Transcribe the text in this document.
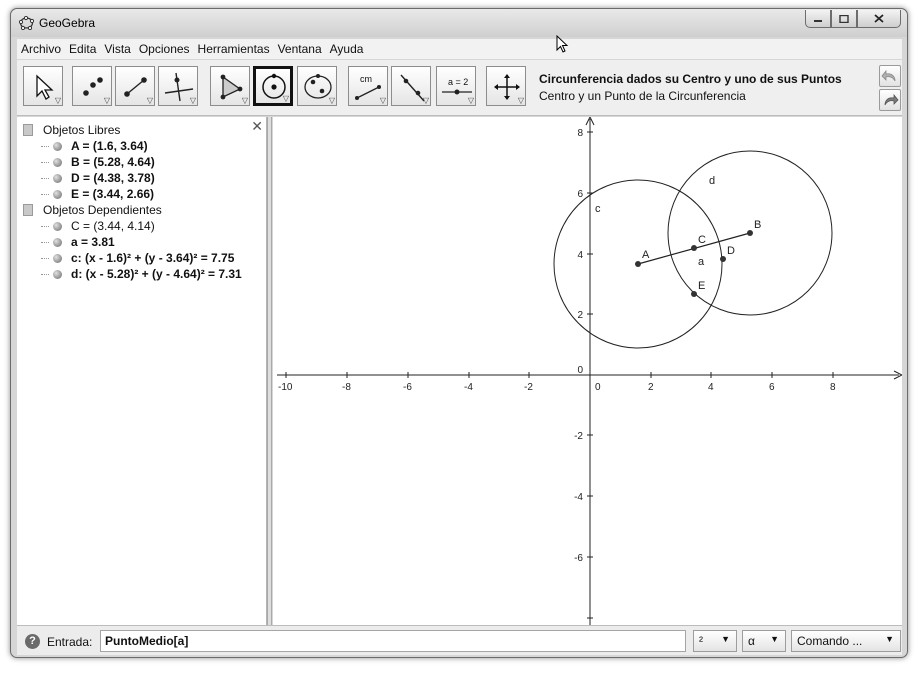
GeoGebra
Archivo Edita Vista Opciones Herramientas Ventana Ayuda
▽	▽	▽	▽	▽	▽	▽
cm
▽	▽
a = 2
▽	▽
Circunferencia dados su Centro y uno de sus Puntos
Centro y un Punto de la Circunferencia
✕
Objetos Libres
A = (1.6, 3.64)
B = (5.28, 4.64)
D = (4.38, 3.78)
E = (3.44, 2.66)
Objetos Dependientes
C = (3.44, 4.14)
a = 3.81
c: (x - 1.6)² + (y - 3.64)² = 7.75
d: (x - 5.28)² + (y - 4.64)² = 7.31
-10	-8	-6	-4	-2	0	2	4	6	8
8
6
4
2
0
-2
-4
-6
c
d
A
B
C
D
E
a
? Entrada:	PuntoMedio[a]	² ▼	α ▼	Comando ...	▼
